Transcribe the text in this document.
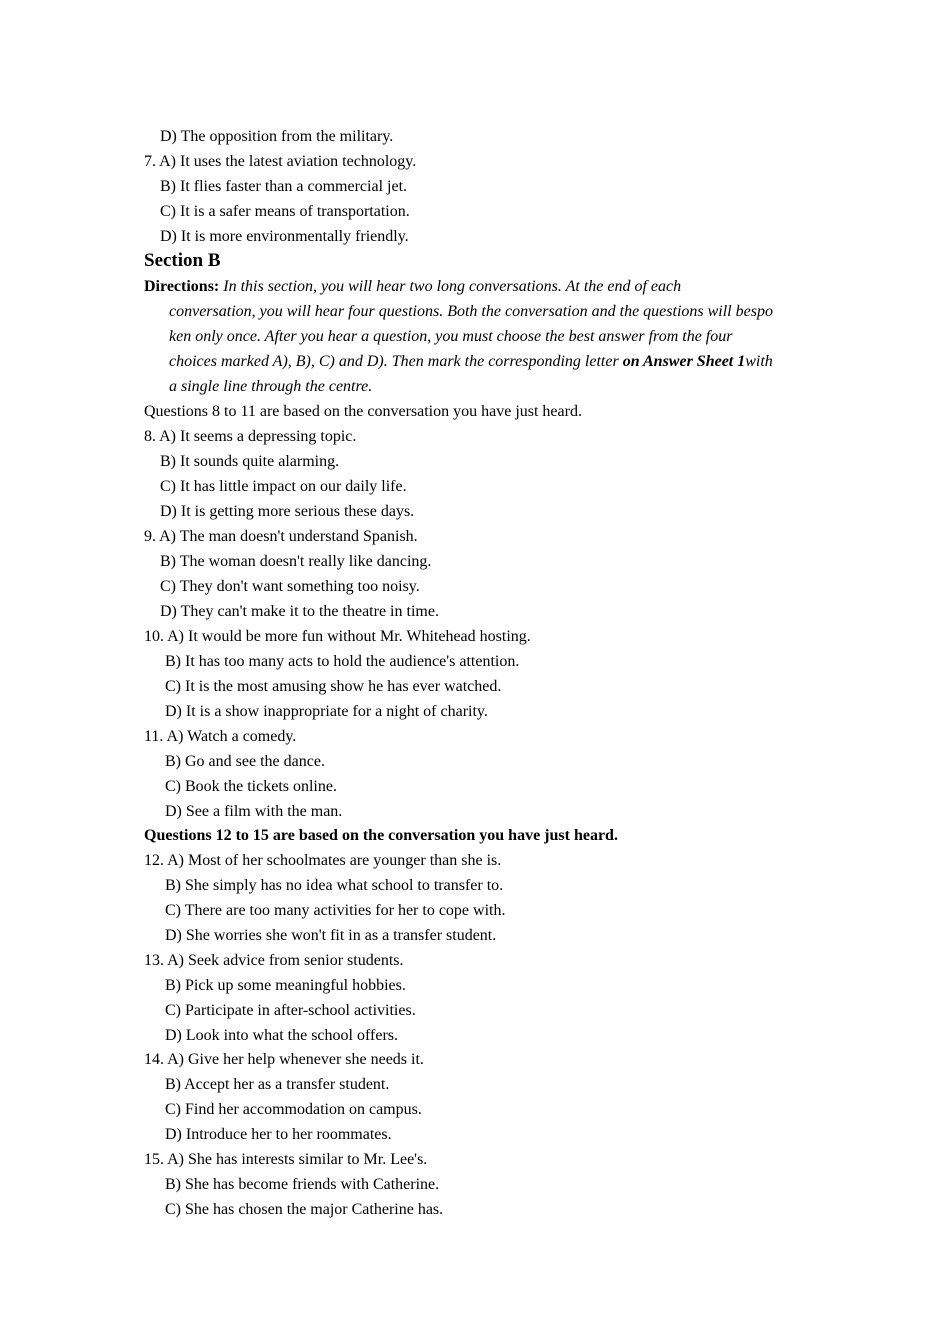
D) The opposition from the military.
7. A) It uses the latest aviation technology.
B) It flies faster than a commercial jet.
C) It is a safer means of transportation.
D) It is more environmentally friendly.
Section B
Directions: In this section, you will hear two long conversations. At the end of each
conversation, you will hear four questions. Both the conversation and the questions will bespo
ken only once. After you hear a question, you must choose the best answer from the four
choices marked A), B), C) and D). Then mark the corresponding letter on Answer Sheet 1with
a single line through the centre.
Questions 8 to 11 are based on the conversation you have just heard.
8. A) It seems a depressing topic.
B) It sounds quite alarming.
C) It has little impact on our daily life.
D) It is getting more serious these days.
9. A) The man doesn't understand Spanish.
B) The woman doesn't really like dancing.
C) They don't want something too noisy.
D) They can't make it to the theatre in time.
10. A) It would be more fun without Mr. Whitehead hosting.
B) It has too many acts to hold the audience's attention.
C) It is the most amusing show he has ever watched.
D) It is a show inappropriate for a night of charity.
11. A) Watch a comedy.
B) Go and see the dance.
C) Book the tickets online.
D) See a film with the man.
Questions 12 to 15 are based on the conversation you have just heard.
12. A) Most of her schoolmates are younger than she is.
B) She simply has no idea what school to transfer to.
C) There are too many activities for her to cope with.
D) She worries she won't fit in as a transfer student.
13. A) Seek advice from senior students.
B) Pick up some meaningful hobbies.
C) Participate in after-school activities.
D) Look into what the school offers.
14. A) Give her help whenever she needs it.
B) Accept her as a transfer student.
C) Find her accommodation on campus.
D) Introduce her to her roommates.
15. A) She has interests similar to Mr. Lee's.
B) She has become friends with Catherine.
C) She has chosen the major Catherine has.
